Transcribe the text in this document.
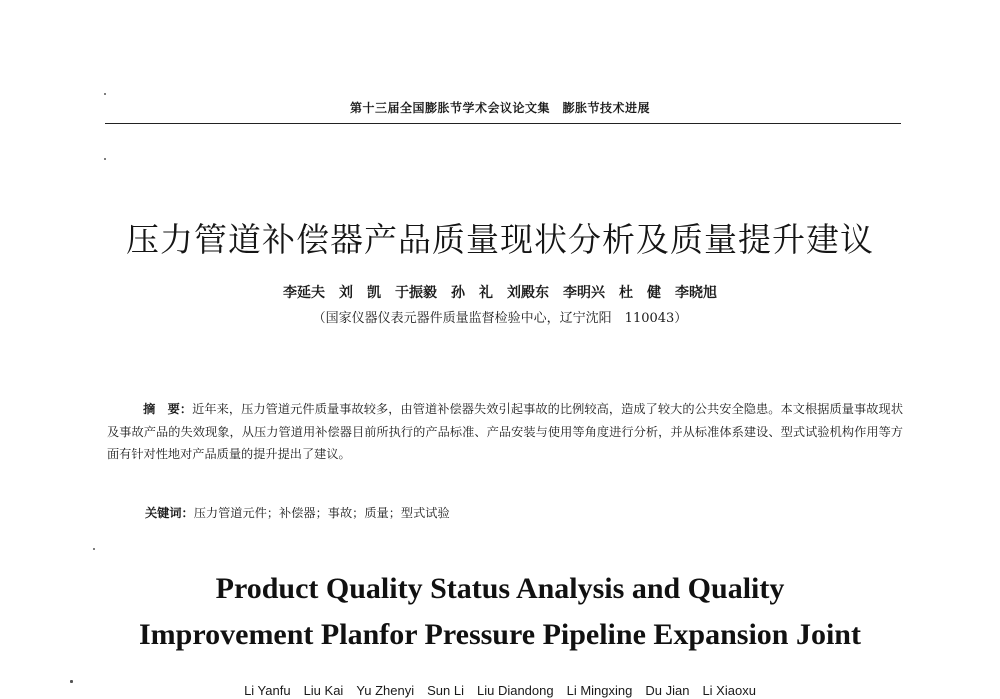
第十三届全国膨胀节学术会议论文集　膨胀节技术进展
压力管道补偿器产品质量现状分析及质量提升建议
李延夫　刘　凯　于振毅　孙　礼　刘殿东　李明兴　杜　健　李晓旭
（国家仪器仪表元器件质量监督检验中心，辽宁沈阳　110043）
摘　要：近年来，压力管道元件质量事故较多，由管道补偿器失效引起事故的比例较高，造成了较大的公共安全隐患。本文根据质量事故现状及事故产品的失效现象，从压力管道用补偿器目前所执行的产品标准、产品安装与使用等角度进行分析，并从标准体系建设、型式试验机构作用等方面有针对性地对产品质量的提升提出了建议。
关键词：压力管道元件；补偿器；事故；质量；型式试验
Product Quality Status Analysis and Quality
Improvement Planfor Pressure Pipeline Expansion Joint
Li Yanfu　Liu Kai　Yu Zhenyi　Sun Li　Liu Diandong　Li Mingxing　Du Jian　Li Xiaoxu
